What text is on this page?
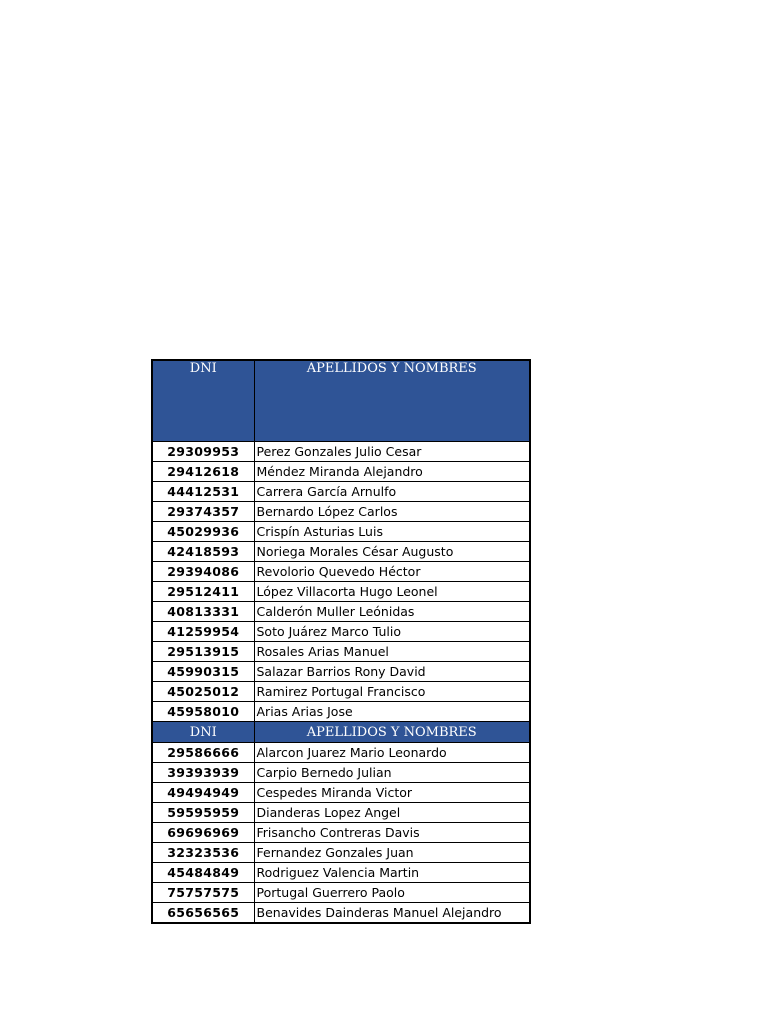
DNI	APELLIDOS Y NOMBRES
29309953	Perez Gonzales Julio Cesar
29412618	Méndez Miranda Alejandro
44412531	Carrera García Arnulfo
29374357	Bernardo López Carlos
45029936	Crispín Asturias Luis
42418593	Noriega Morales César Augusto
29394086	Revolorio Quevedo Héctor
29512411	López Villacorta Hugo Leonel
40813331	Calderón Muller Leónidas
41259954	Soto Juárez Marco Tulio
29513915	Rosales Arias Manuel
45990315	Salazar Barrios Rony David
45025012	Ramirez Portugal Francisco
45958010	Arias Arias Jose
DNI	APELLIDOS Y NOMBRES
29586666	Alarcon Juarez Mario Leonardo
39393939	Carpio Bernedo Julian
49494949	Cespedes Miranda Victor
59595959	Dianderas Lopez Angel
69696969	Frisancho Contreras Davis
32323536	Fernandez Gonzales Juan
45484849	Rodriguez Valencia Martin
75757575	Portugal Guerrero Paolo
65656565	Benavides Dainderas Manuel Alejandro
